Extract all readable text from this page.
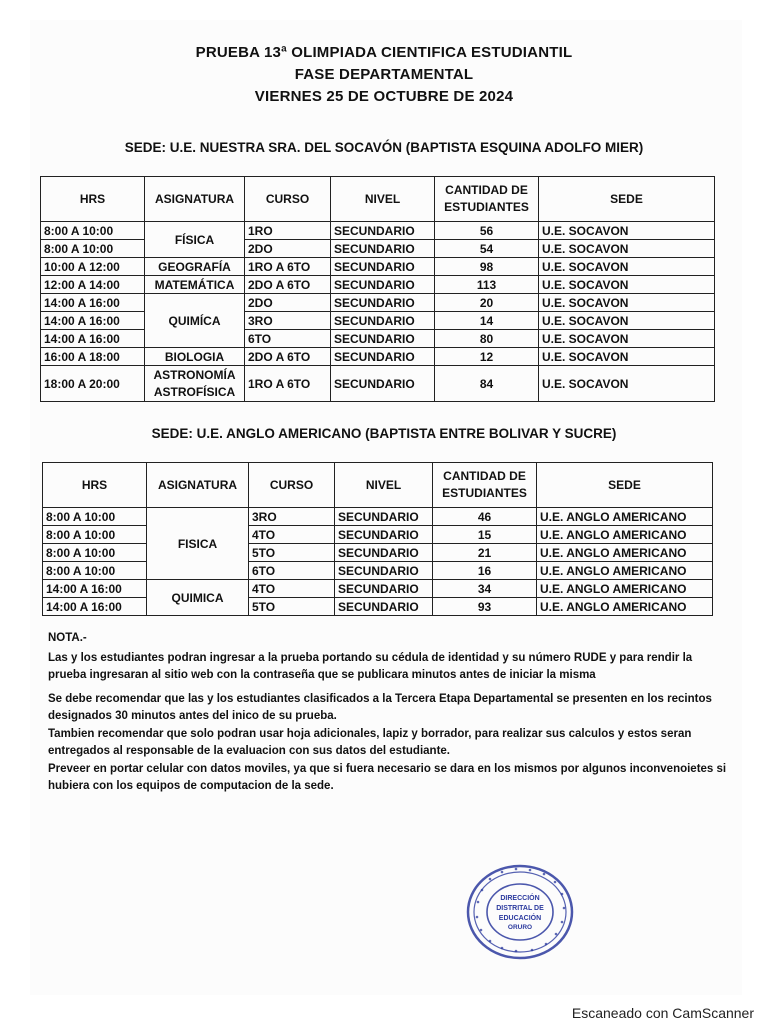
PRUEBA 13ª OLIMPIADA CIENTIFICA ESTUDIANTIL
FASE DEPARTAMENTAL
VIERNES 25 DE OCTUBRE DE 2024
SEDE: U.E. NUESTRA SRA. DEL SOCAVÓN (BAPTISTA ESQUINA ADOLFO MIER)
HRS	ASIGNATURA	CURSO	NIVEL	CANTIDAD DE ESTUDIANTES	SEDE
8:00 A 10:00	FÍSICA	1RO	SECUNDARIO	56	U.E. SOCAVON
8:00 A 10:00		2DO	SECUNDARIO	54	U.E. SOCAVON
10:00 A 12:00	GEOGRAFÍA	1RO A 6TO	SECUNDARIO	98	U.E. SOCAVON
12:00 A 14:00	MATEMÁTICA	2DO A 6TO	SECUNDARIO	113	U.E. SOCAVON
14:00 A 16:00	QUIMÍCA	2DO	SECUNDARIO	20	U.E. SOCAVON
14:00 A 16:00		3RO	SECUNDARIO	14	U.E. SOCAVON
14:00 A 16:00		6TO	SECUNDARIO	80	U.E. SOCAVON
16:00 A 18:00	BIOLOGIA	2DO A 6TO	SECUNDARIO	12	U.E. SOCAVON
18:00 A 20:00	ASTRONOMÍA ASTROFÍSICA	1RO A 6TO	SECUNDARIO	84	U.E. SOCAVON
SEDE: U.E. ANGLO AMERICANO (BAPTISTA ENTRE BOLIVAR Y SUCRE)
HRS	ASIGNATURA	CURSO	NIVEL	CANTIDAD DE ESTUDIANTES	SEDE
8:00 A 10:00	FISICA	3RO	SECUNDARIO	46	U.E. ANGLO AMERICANO
8:00 A 10:00		4TO	SECUNDARIO	15	U.E. ANGLO AMERICANO
8:00 A 10:00		5TO	SECUNDARIO	21	U.E. ANGLO AMERICANO
8:00 A 10:00		6TO	SECUNDARIO	16	U.E. ANGLO AMERICANO
14:00 A 16:00	QUIMICA	4TO	SECUNDARIO	34	U.E. ANGLO AMERICANO
14:00 A 16:00		5TO	SECUNDARIO	93	U.E. ANGLO AMERICANO

NOTA.-

Las y los estudiantes podran ingresar a la prueba portando su cédula de identidad y su número RUDE y para rendir la prueba ingresaran al sitio web con la contraseña que se publicara minutos antes de iniciar la misma

Se debe recomendar que las y los estudiantes clasificados a la Tercera Etapa Departamental se presenten en los recintos designados 30 minutos antes del inico de su prueba.

Tambien recomendar que solo podran usar hoja adicionales, lapiz y borrador, para realizar sus calculos y estos seran entregados al responsable de la evaluacion con sus datos del estudiante.

Preveer en portar celular con datos moviles, ya que si fuera necesario se dara en los mismos por algunos inconvenoietes si hubiera con los equipos de computacion de la sede.

DIRECCIÓN
DISTRITAL DE
EDUCACIÓN
ORURO
Escaneado con CamScanner
